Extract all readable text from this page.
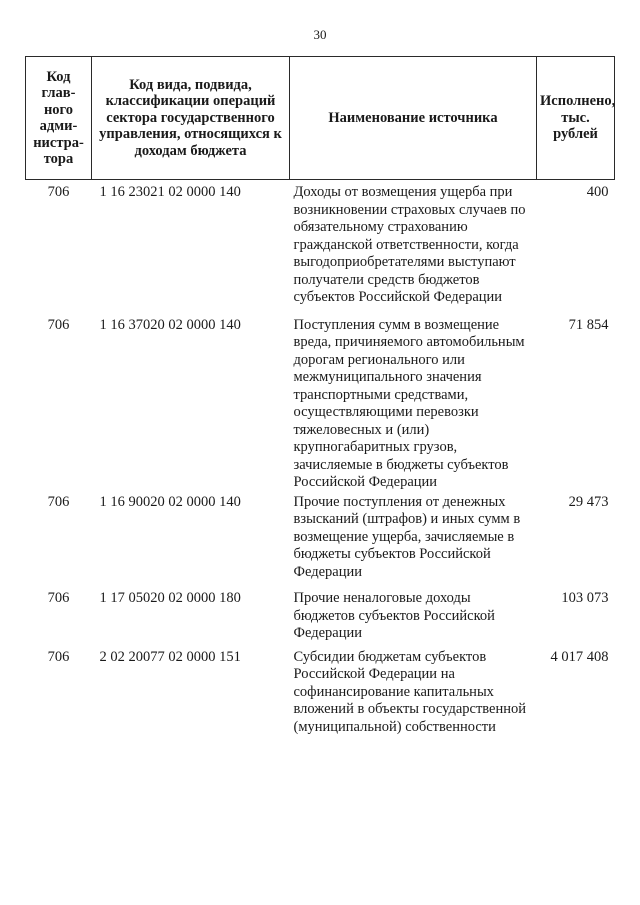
30
Код глав-ного адми-нистра-тора	Код вида, подвида, классификации операций сектора государственного управления, относящихся к доходам бюджета	Наименование источника	Исполнено, тыс. рублей
706	1 16 23021 02 0000 140	Доходы от возмещения ущерба при возникновении страховых случаев по обязательному страхованию гражданской ответственности, когда выгодоприобретателями выступают получатели средств бюджетов субъектов Российской Федерации	400
706	1 16 37020 02 0000 140	Поступления сумм в возмещение вреда, причиняемого автомобильным дорогам регионального или межмуниципального значения транспортными средствами, осуществляющими перевозки тяжеловесных и (или) крупногабаритных грузов, зачисляемые в бюджеты субъектов Российской Федерации	71 854
706	1 16 90020 02 0000 140	Прочие поступления от денежных взысканий (штрафов) и иных сумм в возмещение ущерба, зачисляемые в бюджеты субъектов Российской Федерации	29 473
706	1 17 05020 02 0000 180	Прочие неналоговые доходы бюджетов субъектов Российской Федерации	103 073
706	2 02 20077 02 0000 151	Субсидии бюджетам субъектов Российской Федерации на софинансирование капитальных вложений в объекты государственной (муниципальной) собственности	4 017 408
